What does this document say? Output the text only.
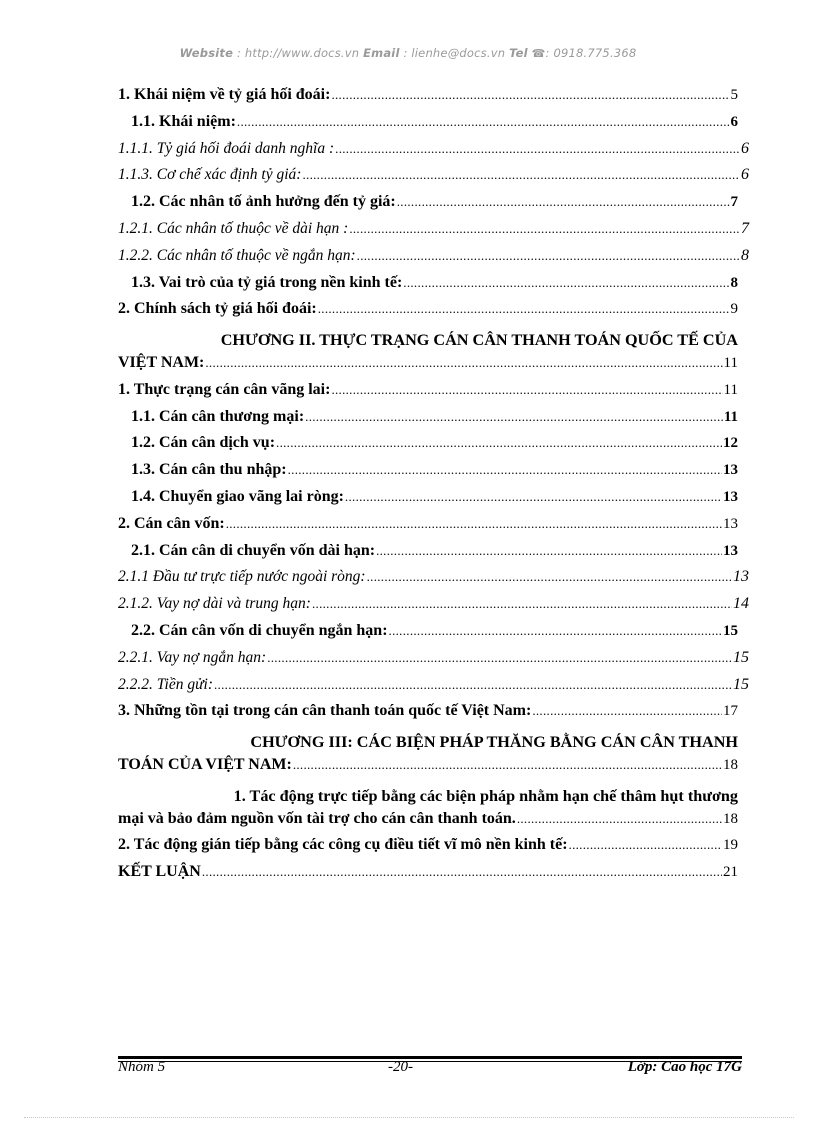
Website : http://www.docs.vn Email : lienhe@docs.vn Tel ☎: 0918.775.368
1. Khái niệm về tỷ giá hối đoái: .....	5
1.1. Khái niệm: .....	6
1.1.1. Tỷ giá hối đoái danh nghĩa : .....	6
1.1.3. Cơ chế xác định tỷ giá: .....	6
1.2. Các nhân tố ảnh hưởng đến tỷ giá: .....	7
1.2.1. Các nhân tố thuộc về dài hạn : .....	7
1.2.2. Các nhân tố thuộc về ngắn hạn: .....	8
1.3. Vai trò của tỷ giá trong nền kinh tế: .....	8
2. Chính sách tỷ giá hối đoái: .....	9
CHƯƠNG II. THỰC TRẠNG CÁN CÂN THANH TOÁN QUỐC TẾ CỦA
VIỆT NAM: .....	11
1. Thực trạng cán cân vãng lai: .....	11
1.1. Cán cân thương mại: .....	11
1.2. Cán cân dịch vụ: .....	12
1.3. Cán cân thu nhập: .....	13
1.4. Chuyển giao vãng lai ròng: .....	13
2. Cán cân vốn: .....	13
2.1. Cán cân di chuyển vốn dài hạn: .....	13
2.1.1 Đầu tư trực tiếp nước ngoài ròng: .....	13
2.1.2. Vay nợ dài và trung hạn: .....	14
2.2. Cán cân vốn di chuyển ngắn hạn: .....	15
2.2.1. Vay nợ ngắn hạn: .....	15
2.2.2. Tiền gửi: .....	15
3. Những tồn tại trong cán cân thanh toán quốc tế Việt Nam: .....	17
CHƯƠNG III: CÁC BIỆN PHÁP THĂNG BẰNG CÁN CÂN THANH
TOÁN CỦA VIỆT NAM: .....	18
1. Tác động trực tiếp bằng các biện pháp nhằm hạn chế thâm hụt thương
mại và bảo đảm nguồn vốn tài trợ cho cán cân thanh toán. .....	18
2. Tác động gián tiếp bằng các công cụ điều tiết vĩ mô nền kinh tế: .....	19
KẾT LUẬN .....	21
Nhóm 5	-20-	Lớp: Cao học 17G
